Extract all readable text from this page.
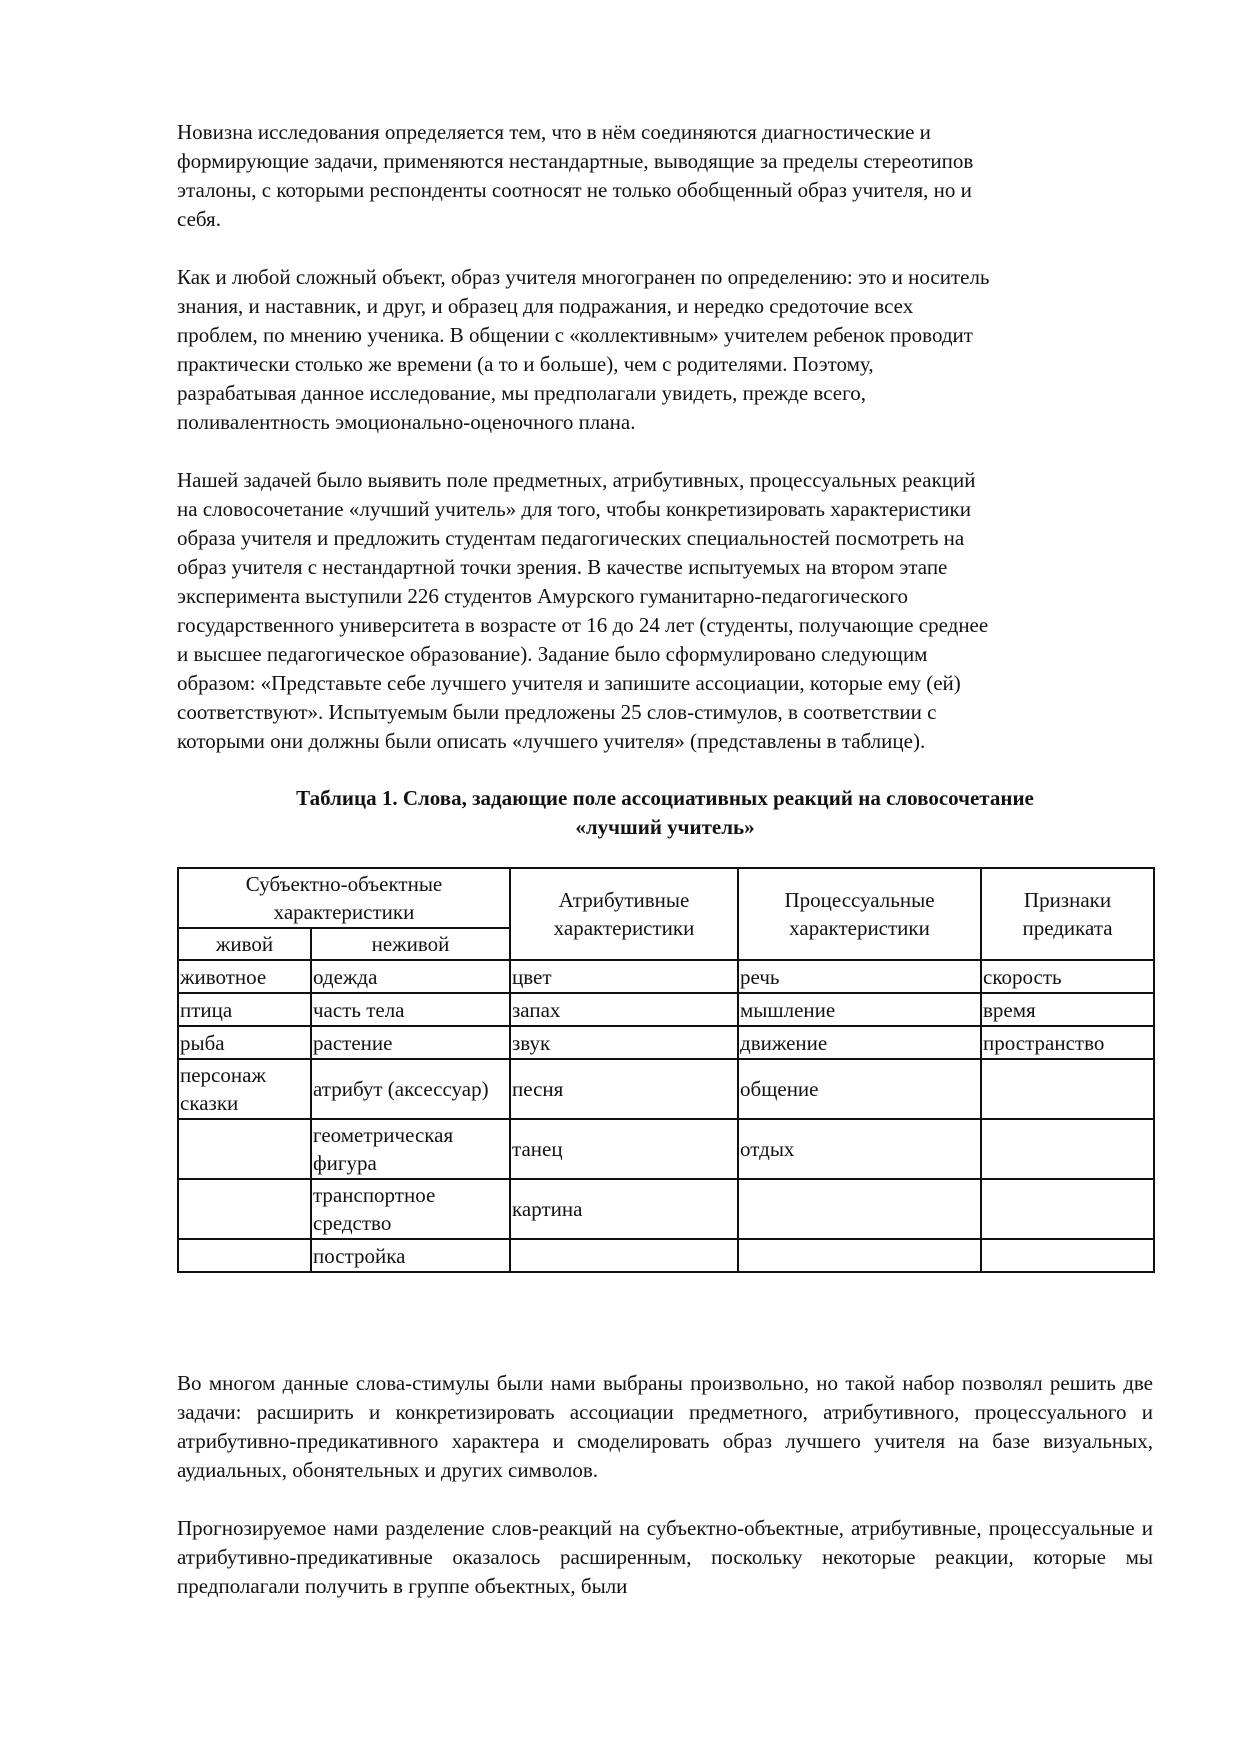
Новизна исследования определяется тем, что в нём соединяются диагностические и
формирующие задачи, применяются нестандартные, выводящие за пределы стереотипов
эталоны, с которыми респонденты соотносят не только обобщенный образ учителя, но и
себя.

Как и любой сложный объект, образ учителя многогранен по определению: это и носитель
знания, и наставник, и друг, и образец для подражания, и нередко средоточие всех
проблем, по мнению ученика. В общении с «коллективным» учителем ребенок проводит
практически столько же времени (а то и больше), чем с родителями. Поэтому,
разрабатывая данное исследование, мы предполагали увидеть, прежде всего,
поливалентность эмоционально-оценочного плана.

Нашей задачей было выявить поле предметных, атрибутивных, процессуальных реакций
на словосочетание «лучший учитель» для того, чтобы конкретизировать характеристики
образа учителя и предложить студентам педагогических специальностей посмотреть на
образ учителя с нестандартной точки зрения. В качестве испытуемых на втором этапе
эксперимента выступили 226 студентов Амурского гуманитарно-педагогического
государственного университета в возрасте от 16 до 24 лет (студенты, получающие среднее
и высшее педагогическое образование). Задание было сформулировано следующим
образом: «Представьте себе лучшего учителя и запишите ассоциации, которые ему (ей)
соответствуют». Испытуемым были предложены 25 слов-стимулов, в соответствии с
которыми они должны были описать «лучшего учителя» (представлены в таблице).

Таблица 1. Слова, задающие поле ассоциативных реакций на словосочетание
«лучший учитель»
Субъектно-объектные характеристики		Атрибутивные характеристики	Процессуальные характеристики	Признаки предиката
живой	неживой			
животное	одежда	цвет	речь	скорость
птица	часть тела	запах	мышление	время
рыба	растение	звук	движение	пространство
персонаж сказки	атрибут (аксессуар)	песня	общение	
	геометрическая фигура	танец	отдых	
	транспортное средство	картина		
	постройка			

Во многом данные слова-стимулы были нами выбраны произвольно, но такой набор позволял решить две задачи: расширить и конкретизировать ассоциации предметного, атрибутивного, процессуального и атрибутивно-предикативного характера и смоделировать образ лучшего учителя на базе визуальных, аудиальных, обонятельных и других символов.

Прогнозируемое нами разделение слов-реакций на субъектно-объектные, атрибутивные, процессуальные и атрибутивно-предикативные оказалось расширенным, поскольку некоторые реакции, которые мы предполагали получить в группе объектных, были
